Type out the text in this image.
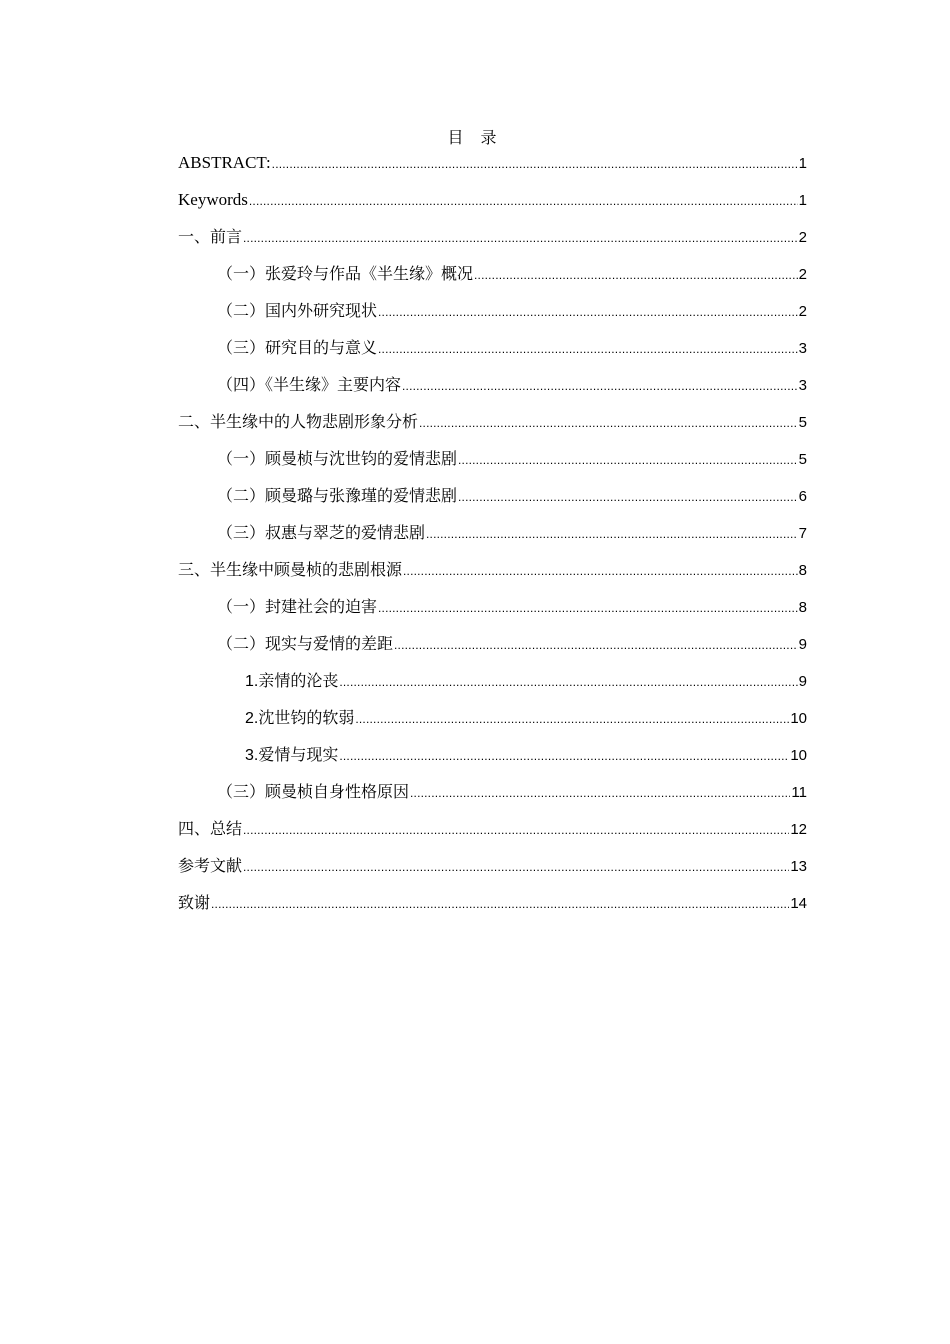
目 录
ABSTRACT: .....	1
Keywords .....	1
一、前言 .....	2
（一）张爱玲与作品《半生缘》概况 .....	2
（二）国内外研究现状 .....	2
（三）研究目的与意义 .....	3
（四）《半生缘》主要内容 .....	3
二、半生缘中的人物悲剧形象分析 .....	5
（一）顾曼桢与沈世钧的爱情悲剧 .....	5
（二）顾曼璐与张豫瑾的爱情悲剧 .....	6
（三）叔惠与翠芝的爱情悲剧 .....	7
三、半生缘中顾曼桢的悲剧根源 .....	8
（一）封建社会的迫害 .....	8
（二）现实与爱情的差距 .....	9
1.亲情的沦丧 .....	9
2.沈世钧的软弱 .....	10
3.爱情与现实 .....	10
（三）顾曼桢自身性格原因 .....	11
四、总结 .....	12
参考文献 .....	13
致谢 .....	14
